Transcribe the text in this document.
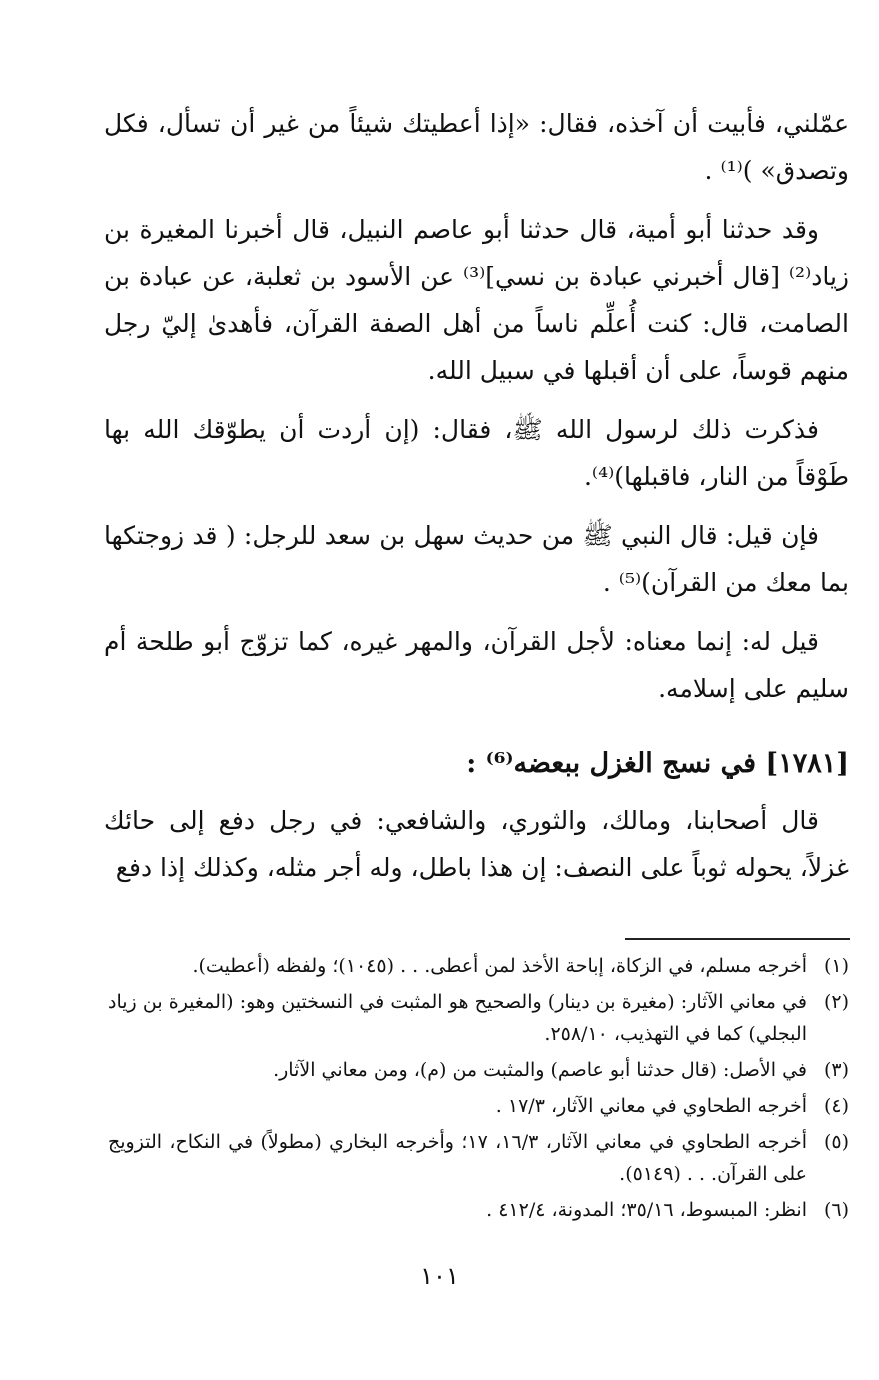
عمّلني، فأبيت أن آخذه، فقال: «إذا أعطيتك شيئاً من غير أن تسأل، فكل وتصدق» )⁽¹⁾ .

وقد حدثنا أبو أمية، قال حدثنا أبو عاصم النبيل، قال أخبرنا المغيرة بن زياد⁽²⁾ [قال أخبرني عبادة بن نسي]⁽³⁾ عن الأسود بن ثعلبة، عن عبادة بن الصامت، قال: كنت أُعلِّم ناساً من أهل الصفة القرآن، فأهدىٰ إليّ رجل منهم قوساً، على أن أقبلها في سبيل الله.

فذكرت ذلك لرسول الله ﷺ، فقال: (إن أردت أن يطوّقك الله بها طَوْقاً من النار، فاقبلها)⁽⁴⁾.

فإن قيل: قال النبي ﷺ من حديث سهل بن سعد للرجل: ( قد زوجتكها بما معك من القرآن)⁽⁵⁾ .

قيل له: إنما معناه: لأجل القرآن، والمهر غيره، كما تزوّج أبو طلحة أم سليم على إسلامه.

[١٧٨١] في نسج الغزل ببعضه⁽⁶⁾ :

قال أصحابنا، ومالك، والثوري، والشافعي: في رجل دفع إلى حائك غزلاً، يحوله ثوباً على النصف: إن هذا باطل، وله أجر مثله، وكذلك إذا دفع

(١)
أخرجه مسلم، في الزكاة، إباحة الأخذ لمن أعطى. . . (١٠٤٥)؛ ولفظه (أعطيت).
(٢)
في معاني الآثار: (مغيرة بن دينار) والصحيح هو المثبت في النسختين وهو: (المغيرة بن زياد البجلي) كما في التهذيب، ٢٥٨/١٠.
(٣)
في الأصل: (قال حدثنا أبو عاصم) والمثبت من (م)، ومن معاني الآثار.
(٤)
أخرجه الطحاوي في معاني الآثار، ١٧/٣ .
(٥)
أخرجه الطحاوي في معاني الآثار، ١٦/٣، ١٧؛ وأخرجه البخاري (مطولاً) في النكاح، التزويج على القرآن. . . (٥١٤٩).
(٦)
انظر: المبسوط، ٣٥/١٦؛ المدونة، ٤١٢/٤ .
١٠١
